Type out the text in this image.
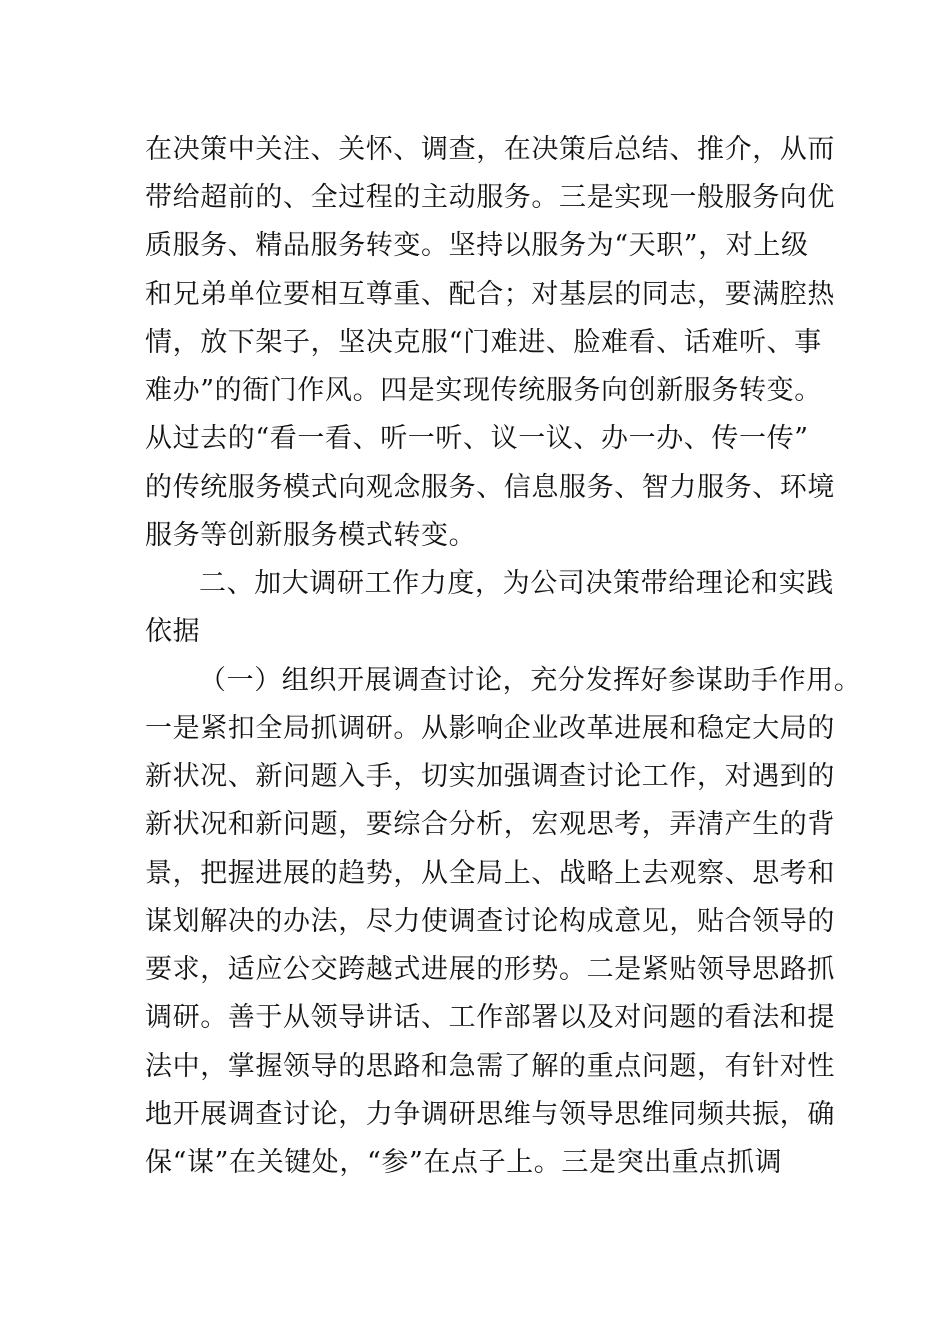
在决策中关注、关怀、调查，在决策后总结、推介，从而
带给超前的、全过程的主动服务。三是实现一般服务向优
质服务、精品服务转变。坚持以服务为“天职”，对上级
和兄弟单位要相互尊重、配合；对基层的同志，要满腔热
情，放下架子，坚决克服“门难进、脸难看、话难听、事
难办”的衙门作风。四是实现传统服务向创新服务转变。
从过去的“看一看、听一听、议一议、办一办、传一传”
的传统服务模式向观念服务、信息服务、智力服务、环境
服务等创新服务模式转变。
二、加大调研工作力度，为公司决策带给理论和实践
依据
（一）组织开展调查讨论，充分发挥好参谋助手作用。
一是紧扣全局抓调研。从影响企业改革进展和稳定大局的
新状况、新问题入手，切实加强调查讨论工作，对遇到的
新状况和新问题，要综合分析，宏观思考，弄清产生的背
景，把握进展的趋势，从全局上、战略上去观察、思考和
谋划解决的办法，尽力使调查讨论构成意见，贴合领导的
要求，适应公交跨越式进展的形势。二是紧贴领导思路抓
调研。善于从领导讲话、工作部署以及对问题的看法和提
法中，掌握领导的思路和急需了解的重点问题，有针对性
地开展调查讨论，力争调研思维与领导思维同频共振，确
保“谋”在关键处，“参”在点子上。三是突出重点抓调
